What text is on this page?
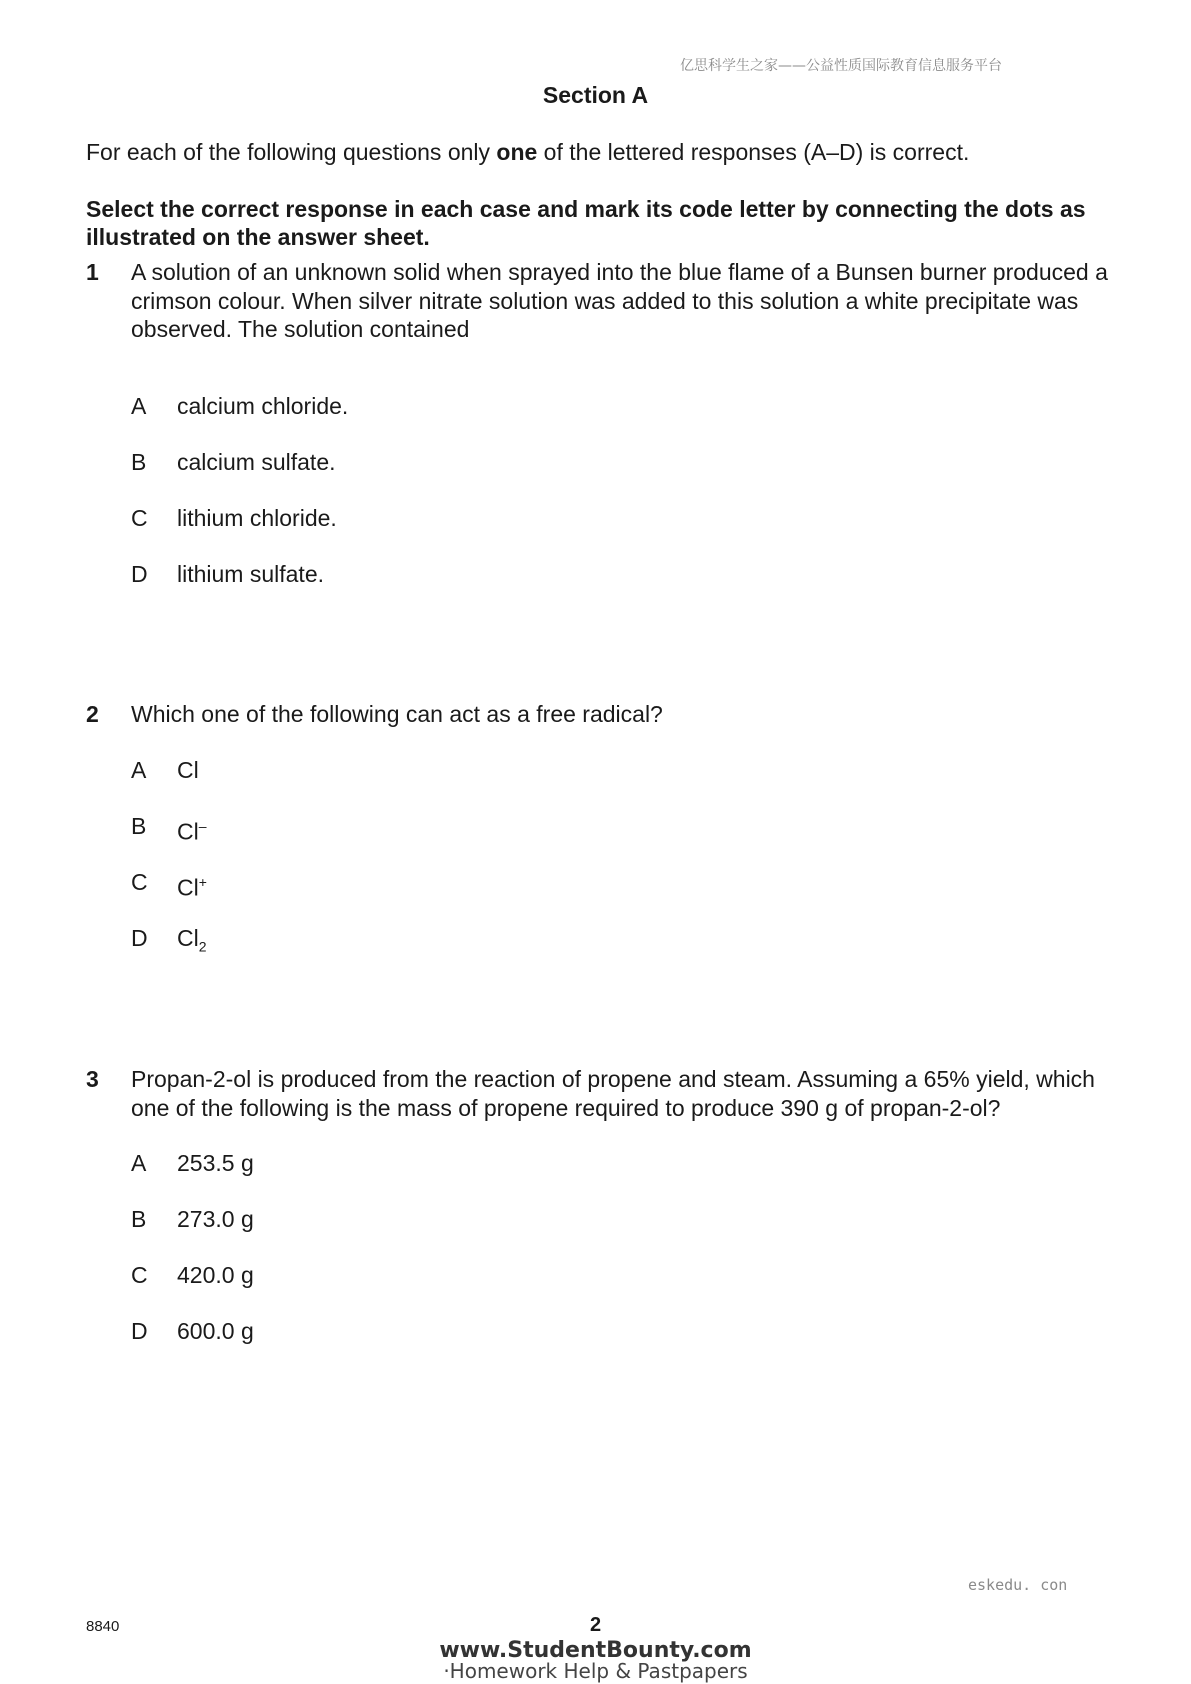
亿思科学生之家——公益性质国际教育信息服务平台
Section A
For each of the following questions only one of the lettered responses (A–D) is correct.
Select the correct response in each case and mark its code letter by connecting the dots as illustrated on the answer sheet.
1 A solution of an unknown solid when sprayed into the blue flame of a Bunsen burner produced a crimson colour. When silver nitrate solution was added to this solution a white precipitate was observed. The solution contained
A calcium chloride.
B calcium sulfate.
C lithium chloride.
D lithium sulfate.
2 Which one of the following can act as a free radical?
A Cl
B Cl–
C Cl+
D $Cl_2$
3 Propan-2-ol is produced from the reaction of propene and steam. Assuming a 65% yield, which one of the following is the mass of propene required to produce 390 g of propan-2-ol?
A 253.5 g
B 273.0 g
C 420.0 g
D 600.0 g
eskedu. con
8840	2
www.StudentBounty.com
·Homework Help & Pastpapers
